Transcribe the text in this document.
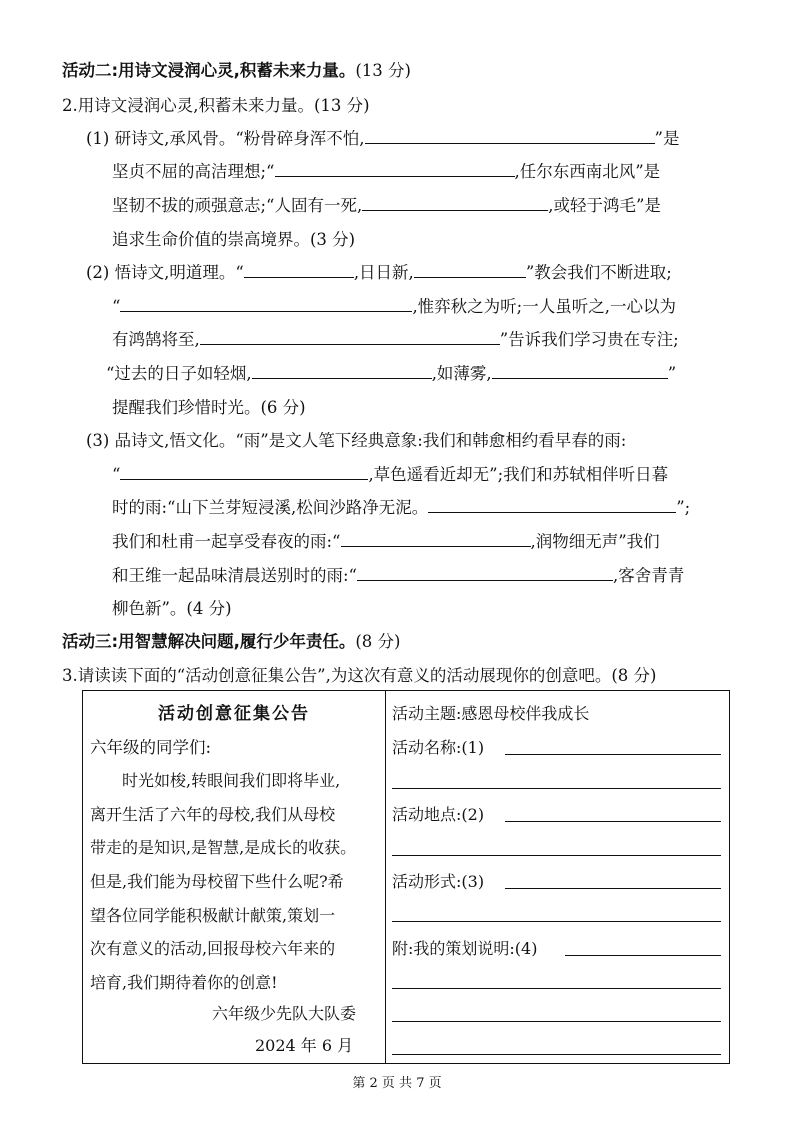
活动二:用诗文浸润心灵,积蓄未来力量。(13 分)
2.用诗文浸润心灵,积蓄未来力量。(13 分)
(1) 研诗文,承风骨。“粉骨碎身浑不怕,	”是
坚贞不屈的高洁理想;“	,任尔东西南北风”是
坚韧不拔的顽强意志;“人固有一死,	,或轻于鸿毛”是
追求生命价值的崇高境界。(3 分)
(2) 悟诗文,明道理。“	,日日新,	”教会我们不断进取;
“	,惟弈秋之为听;一人虽听之,一心以为
有鸿鹄将至,	”告诉我们学习贵在专注;
“过去的日子如轻烟,	,如薄雾,	”
提醒我们珍惜时光。(6 分)
(3) 品诗文,悟文化。“雨”是文人笔下经典意象:我们和韩愈相约看早春的雨:
“	,草色遥看近却无”;我们和苏轼相伴听日暮
时的雨:“山下兰芽短浸溪,松间沙路净无泥。	”;
我们和杜甫一起享受春夜的雨:“	,润物细无声”我们
和王维一起品味清晨送别时的雨:“	,客舍青青
柳色新”。(4 分)
活动三:用智慧解决问题,履行少年责任。(8 分)
3.请读读下面的“活动创意征集公告”,为这次有意义的活动展现你的创意吧。(8 分)
活动创意征集公告
六年级的同学们:
时光如梭,转眼间我们即将毕业,
离开生活了六年的母校,我们从母校
带走的是知识,是智慧,是成长的收获。
但是,我们能为母校留下些什么呢?希
望各位同学能积极献计献策,策划一
次有意义的活动,回报母校六年来的
培育,我们期待着你的创意!
六年级少先队大队委
2024 年 6 月
活动主题:感恩母校伴我成长
活动名称:(1)
活动地点:(2)
活动形式:(3)
附:我的策划说明:(4)
第 2 页 共 7 页
